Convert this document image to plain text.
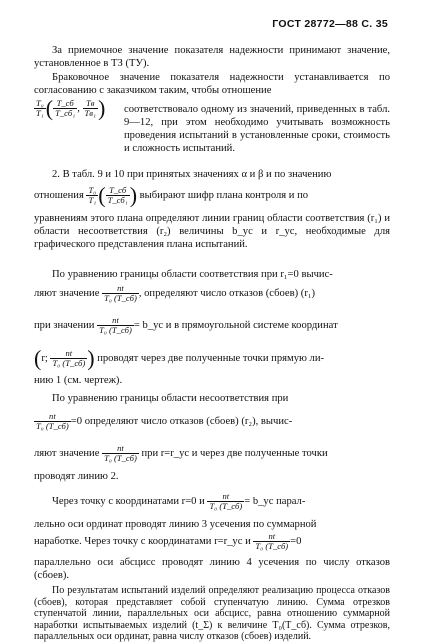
ГОСТ 28772—88 С. 35
За приемочное значение показателя надежности принимают значение, установленное в ТЗ (ТУ).
Браковочное значение показателя надежности устанавливается по согласованию с заказчиком таким, чтобы отношение
$\frac{\text{T₀}}{\text{T₁}}$ ( $\frac{T\_сб}{\text{T\_сб₁}}$ , $\frac{Tв}{\text{Tв₁}}$ )	соответствовало одному из значений, приведенных в табл. 9—12, при этом необходимо учитывать возможность проведения испытаний в установленные сроки, стоимость и сложность испытаний.
2. В табл. 9 и 10 при принятых значениях α и β и по значению
отношения $\frac{\text{T₀}}{\text{T₁}}$ ( $\frac{T\_сб}{\text{T\_сб₁}}$ ) выбирают шифр плана контроля и по
уравнениям этого плана определяют линии границ области соответствия (r₁) и области несоответствия (r₂) величины b_ус и r_ус, необходимые для графического представления плана испытаний.
По уравнению границы области соответствия при r₁=0 вычис-
ляют значение $\frac{nt}{\text{T₀ (T\_сб)}}$ , определяют число отказов (сбоев) (r₁)
при значении $\frac{nt}{\text{T₀ (T\_сб)}}$ = b_ус и в прямоугольной системе координат
(r; $\frac{nt}{\text{T₀ (T\_сб)}}$ ) проводят через две полученные точки прямую ли-
нию 1 (см. чертеж).
По уравнению границы области несоответствия при
$\frac{nt}{\text{T₀ (T\_сб)}} =0$ определяют число отказов (сбоев) (r₂), вычис-
ляют значение $\frac{nt}{\text{T₀ (T\_сб)}}$ при r=r_ус и через две полученные точки
проводят линию 2.
Через точку с координатами r=0 и $\frac{nt}{\text{T₀ (T\_сб)}}$ = b_ус парал-
лельно оси ординат проводят линию 3 усечения по суммарной
наработке. Через точку с координатами r=r_ус и $\frac{nt}{\text{T₀ (T\_сб)}} =0$
параллельно оси абсцисс проводят линию 4 усечения по числу отказов (сбоев).
По результатам испытаний изделий определяют реализацию процесса отказов (сбоев), которая представляет собой ступенчатую линию. Сумма отрезков ступенчатой линии, параллельных оси абсцисс, равна отношению суммарной наработки испытываемых изделий (t_Σ) к величине T₀(T_сб). Сумма отрезков, параллельных оси ординат, равна числу отказов (сбоев) изделий.
